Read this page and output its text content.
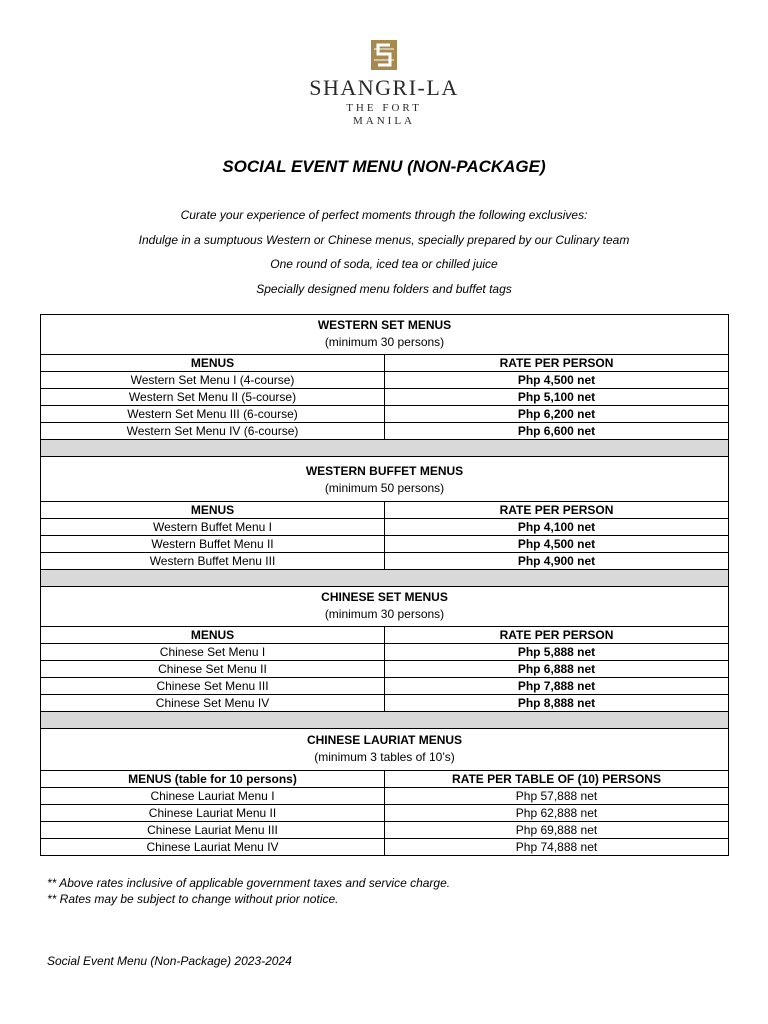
SHANGRI-LA
THE FORT
MANILA
SOCIAL EVENT MENU (NON-PACKAGE)

Curate your experience of perfect moments through the following exclusives:

Indulge in a sumptuous Western or Chinese menus, specially prepared by our Culinary team

One round of soda, iced tea or chilled juice

Specially designed menu folders and buffet tags

WESTERN SET MENUS
(minimum 30 persons)	
MENUS	RATE PER PERSON
Western Set Menu I (4-course)	Php 4,500 net
Western Set Menu II (5-course)	Php 5,100 net
Western Set Menu III (6-course)	Php 6,200 net
Western Set Menu IV (6-course)	Php 6,600 net

WESTERN BUFFET MENUS
(minimum 50 persons)	
MENUS	RATE PER PERSON
Western Buffet Menu I	Php 4,100 net
Western Buffet Menu II	Php 4,500 net
Western Buffet Menu III	Php 4,900 net

CHINESE SET MENUS
(minimum 30 persons)	
MENUS	RATE PER PERSON
Chinese Set Menu I	Php 5,888 net
Chinese Set Menu II	Php 6,888 net
Chinese Set Menu III	Php 7,888 net
Chinese Set Menu IV	Php 8,888 net

CHINESE LAURIAT MENUS
(minimum 3 tables of 10’s)	
MENUS (table for 10 persons)	RATE PER TABLE OF (10) PERSONS
Chinese Lauriat Menu I	Php 57,888 net
Chinese Lauriat Menu II	Php 62,888 net
Chinese Lauriat Menu III	Php 69,888 net
Chinese Lauriat Menu IV	Php 74,888 net

** Above rates inclusive of applicable government taxes and service charge.

** Rates may be subject to change without prior notice.

Social Event Menu (Non-Package) 2023-2024
